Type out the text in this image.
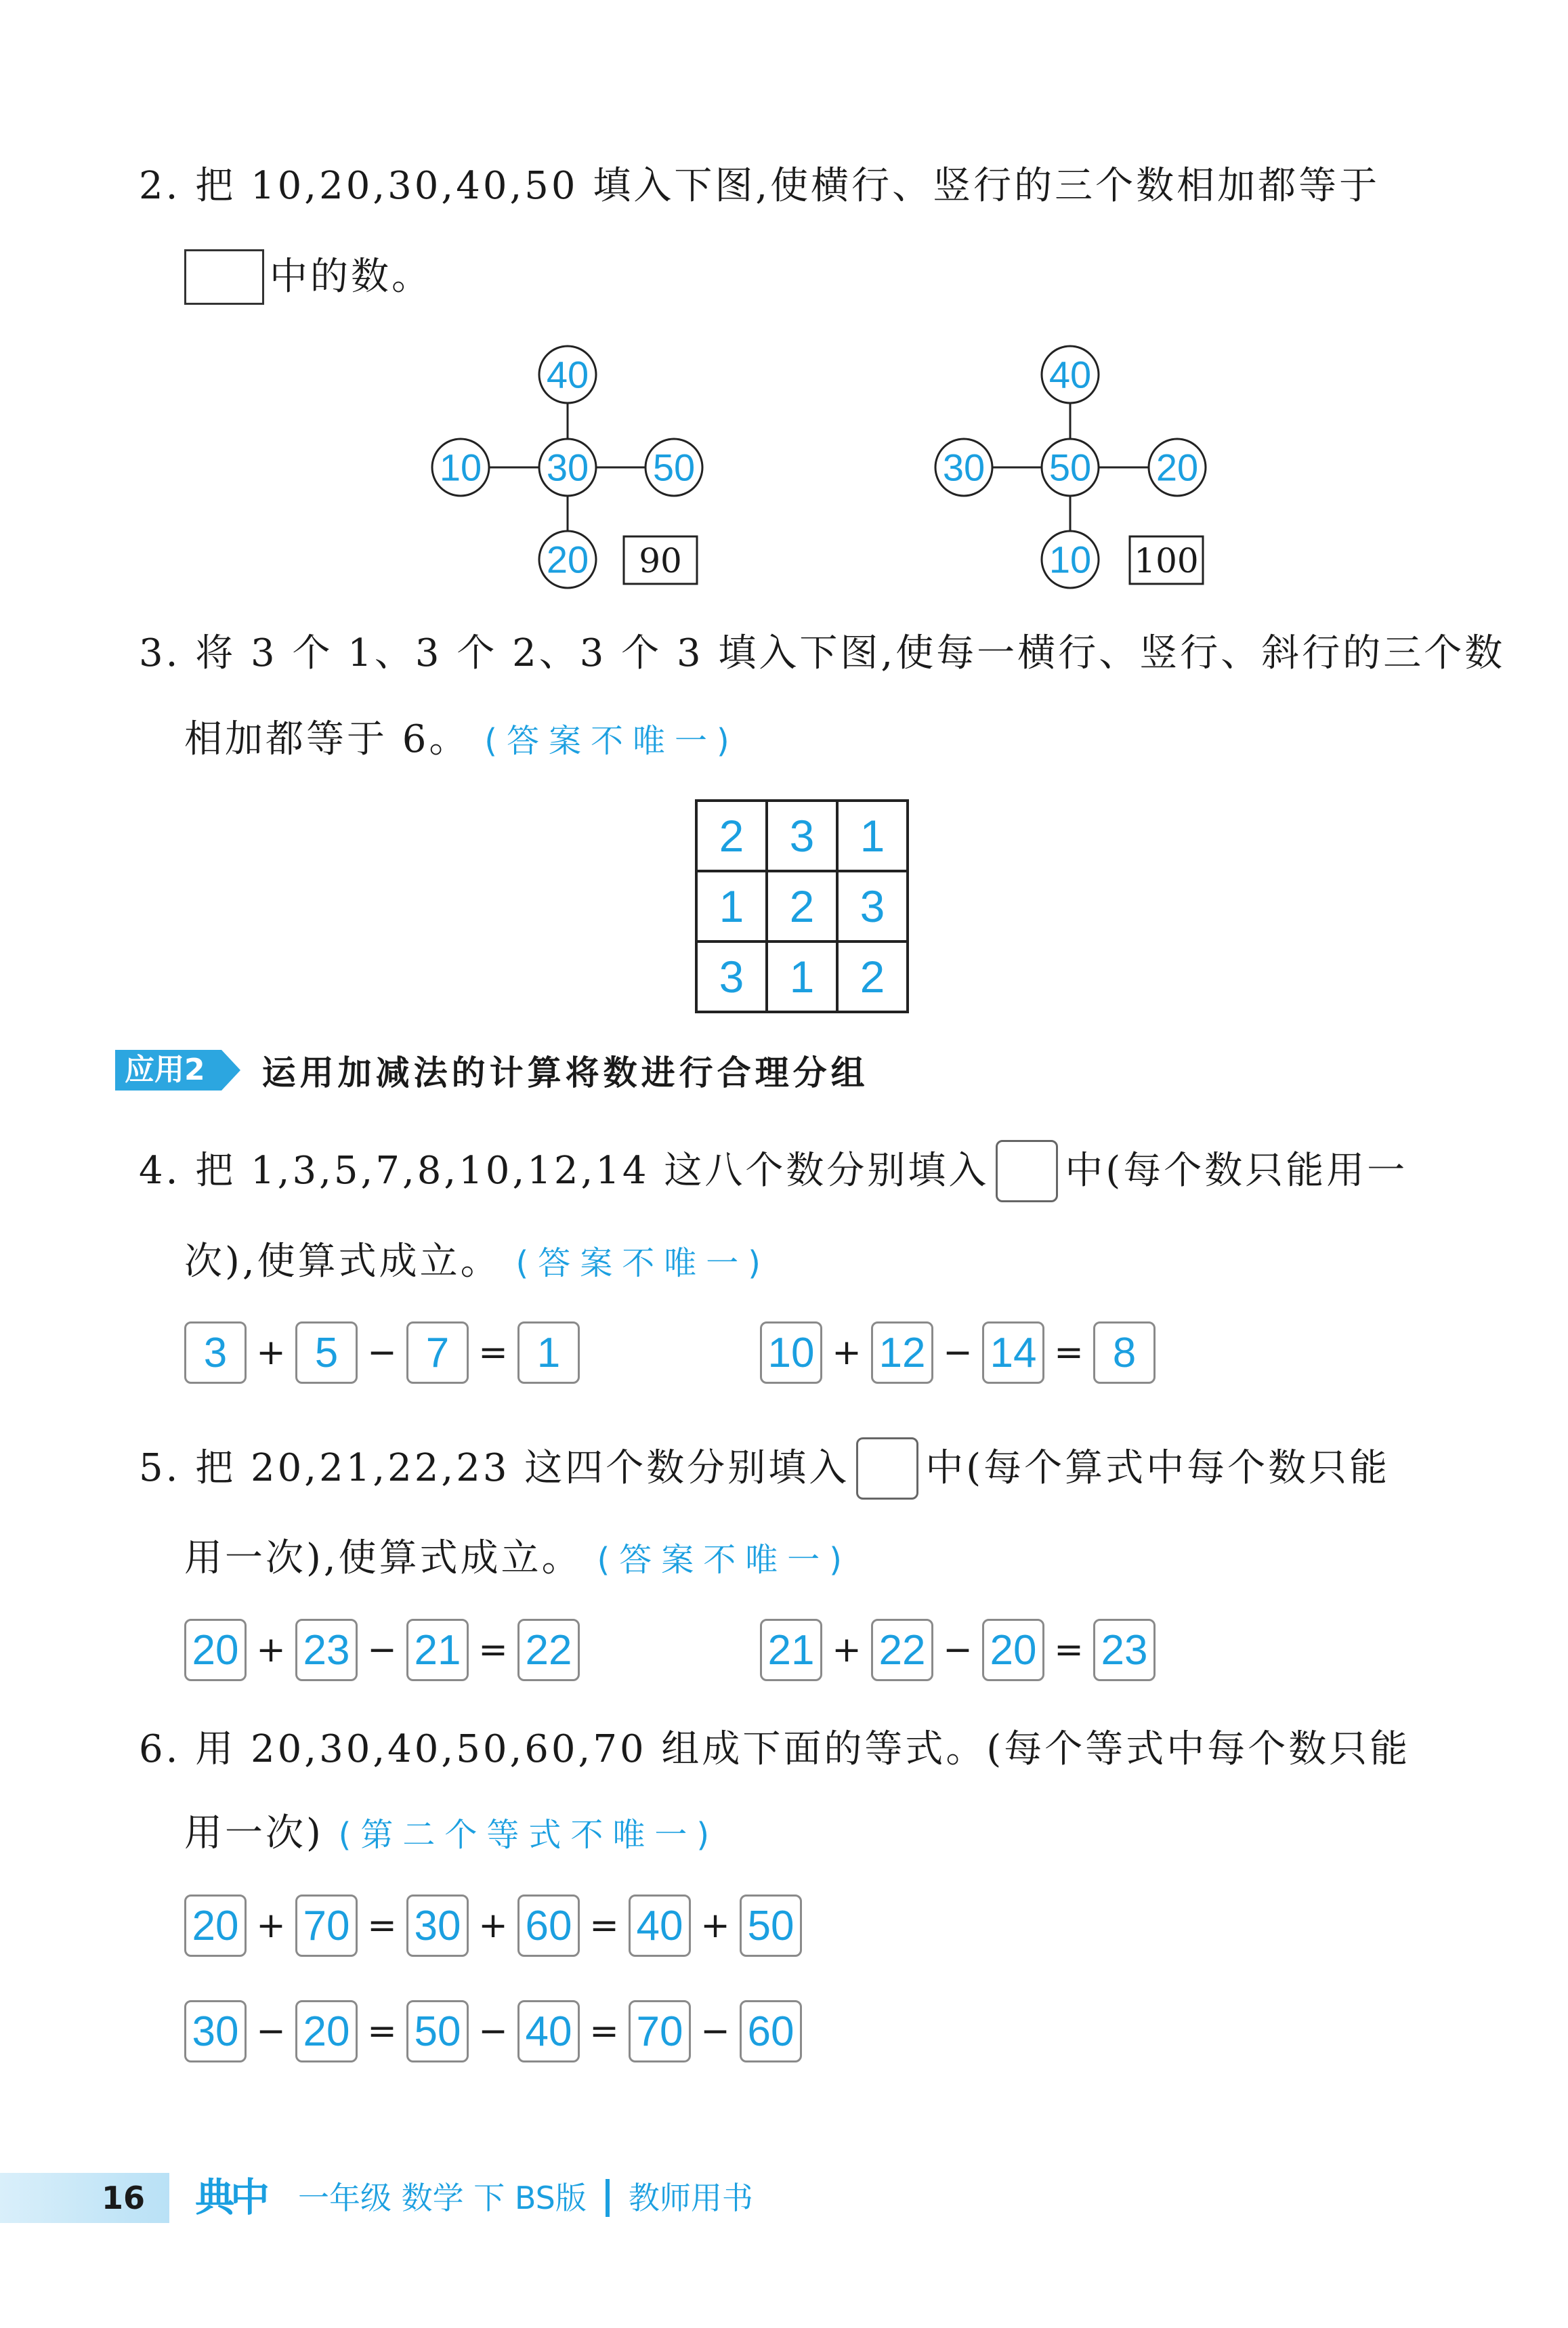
2. 把 10,20,30,40,50 填入下图,使横行、竖行的三个数相加都等于
中的数。
40
10 30 50
20
40
30 50 20
10
90	100
3. 将 3 个 1、3 个 2、3 个 3 填入下图,使每一横行、竖行、斜行的三个数
相加都等于 6。 (答案不唯一)
2	3	1
1	2	3
3	1	2
应用2	运用加减法的计算将数进行合理分组
4. 把 1,3,5,7,8,10,12,14 这八个数分别填入 中(每个数只能用一
次),使算式成立。 (答案不唯一)
3 + 5 − 7 = 1	10 + 12 − 14 = 8
5. 把 20,21,22,23 这四个数分别填入 中(每个算式中每个数只能
用一次),使算式成立。 (答案不唯一)
20 + 23 − 21 = 22	21 + 22 − 20 = 23
6. 用 20,30,40,50,60,70 组成下面的等式。(每个等式中每个数只能
用一次) (第二个等式不唯一)
20 + 70 = 30 + 60 = 40 + 50
30 − 20 = 50 − 40 = 70 − 60
16 典中 一年级 数学 下 BS版 教师用书
